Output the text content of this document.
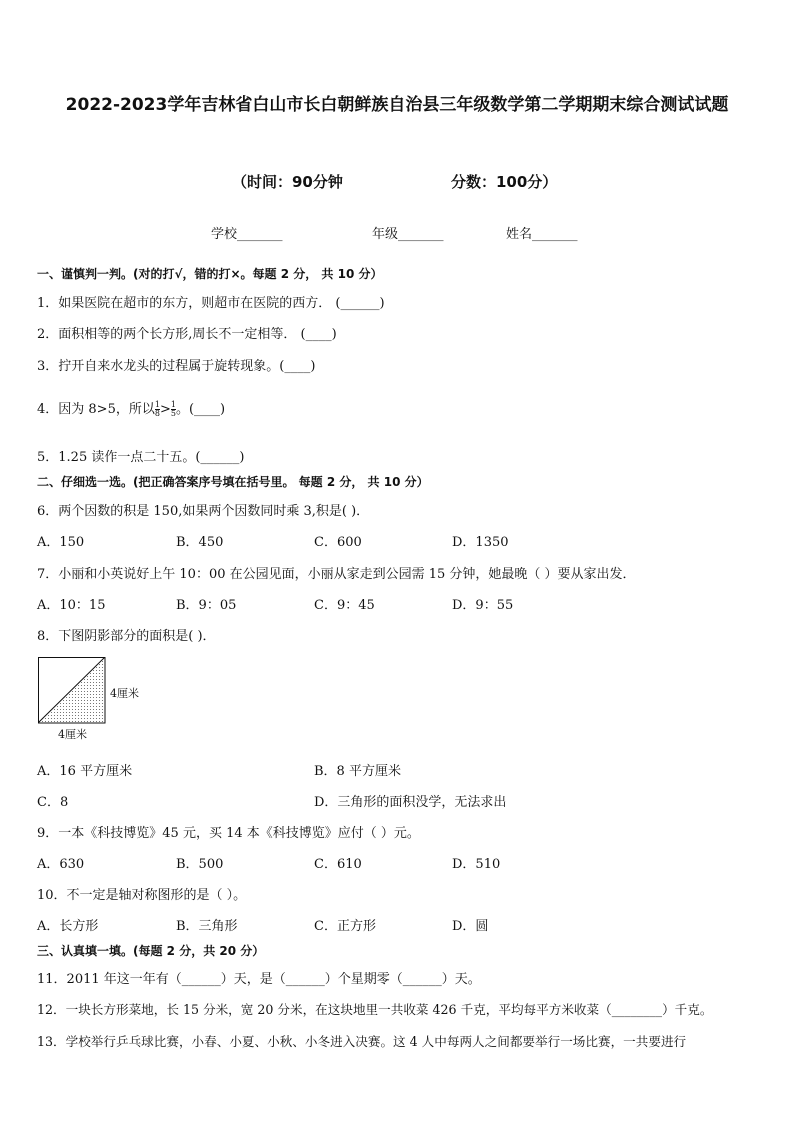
2022-2023学年吉林省白山市长白朝鲜族自治县三年级数学第二学期期末综合测试试题
（时间：90分钟	分数：100分）
学校_______	年级_______	姓名_______
一、谨慎判一判。(对的打√，错的打×。每题 2 分， 共 10 分）
1．如果医院在超市的东方，则超市在医院的西方． (______)
2．面积相等的两个长方形,周长不一定相等． (____)
3．拧开自来水龙头的过程属于旋转现象。(____)
4．因为 8>5，所以 $\frac{1}{8} > \frac{1}{5}$ 。(____)
5．1.25 读作一点二十五。(______)
二、仔细选一选。(把正确答案序号填在括号里。 每题 2 分， 共 10 分）
6．两个因数的积是 150,如果两个因数同时乘 3,积是( )．
A．150	B．450	C．600	D．1350
7．小丽和小英说好上午 10：00 在公园见面，小丽从家走到公园需 15 分钟，她最晚（ ）要从家出发．
A．10：15	B．9：05	C．9：45	D．9：55
8．下图阴影部分的面积是( )．
4厘米
4厘米
A．16 平方厘米	B．8 平方厘米
C．8	D．三角形的面积没学，无法求出
9．一本《科技博览》45 元，买 14 本《科技博览》应付（ ）元。
A．630	B．500	C．610	D．510
10．不一定是轴对称图形的是（ ）。
A．长方形	B．三角形	C．正方形	D．圆
三、认真填一填。(每题 2 分，共 20 分）
11．2011 年这一年有（______）天，是（______）个星期零（______）天。
12．一块长方形菜地，长 15 分米，宽 20 分米，在这块地里一共收菜 426 千克，平均每平方米收菜（________）千克。
13．学校举行乒乓球比赛，小春、小夏、小秋、小冬进入决赛。这 4 人中每两人之间都要举行一场比赛，一共要进行
